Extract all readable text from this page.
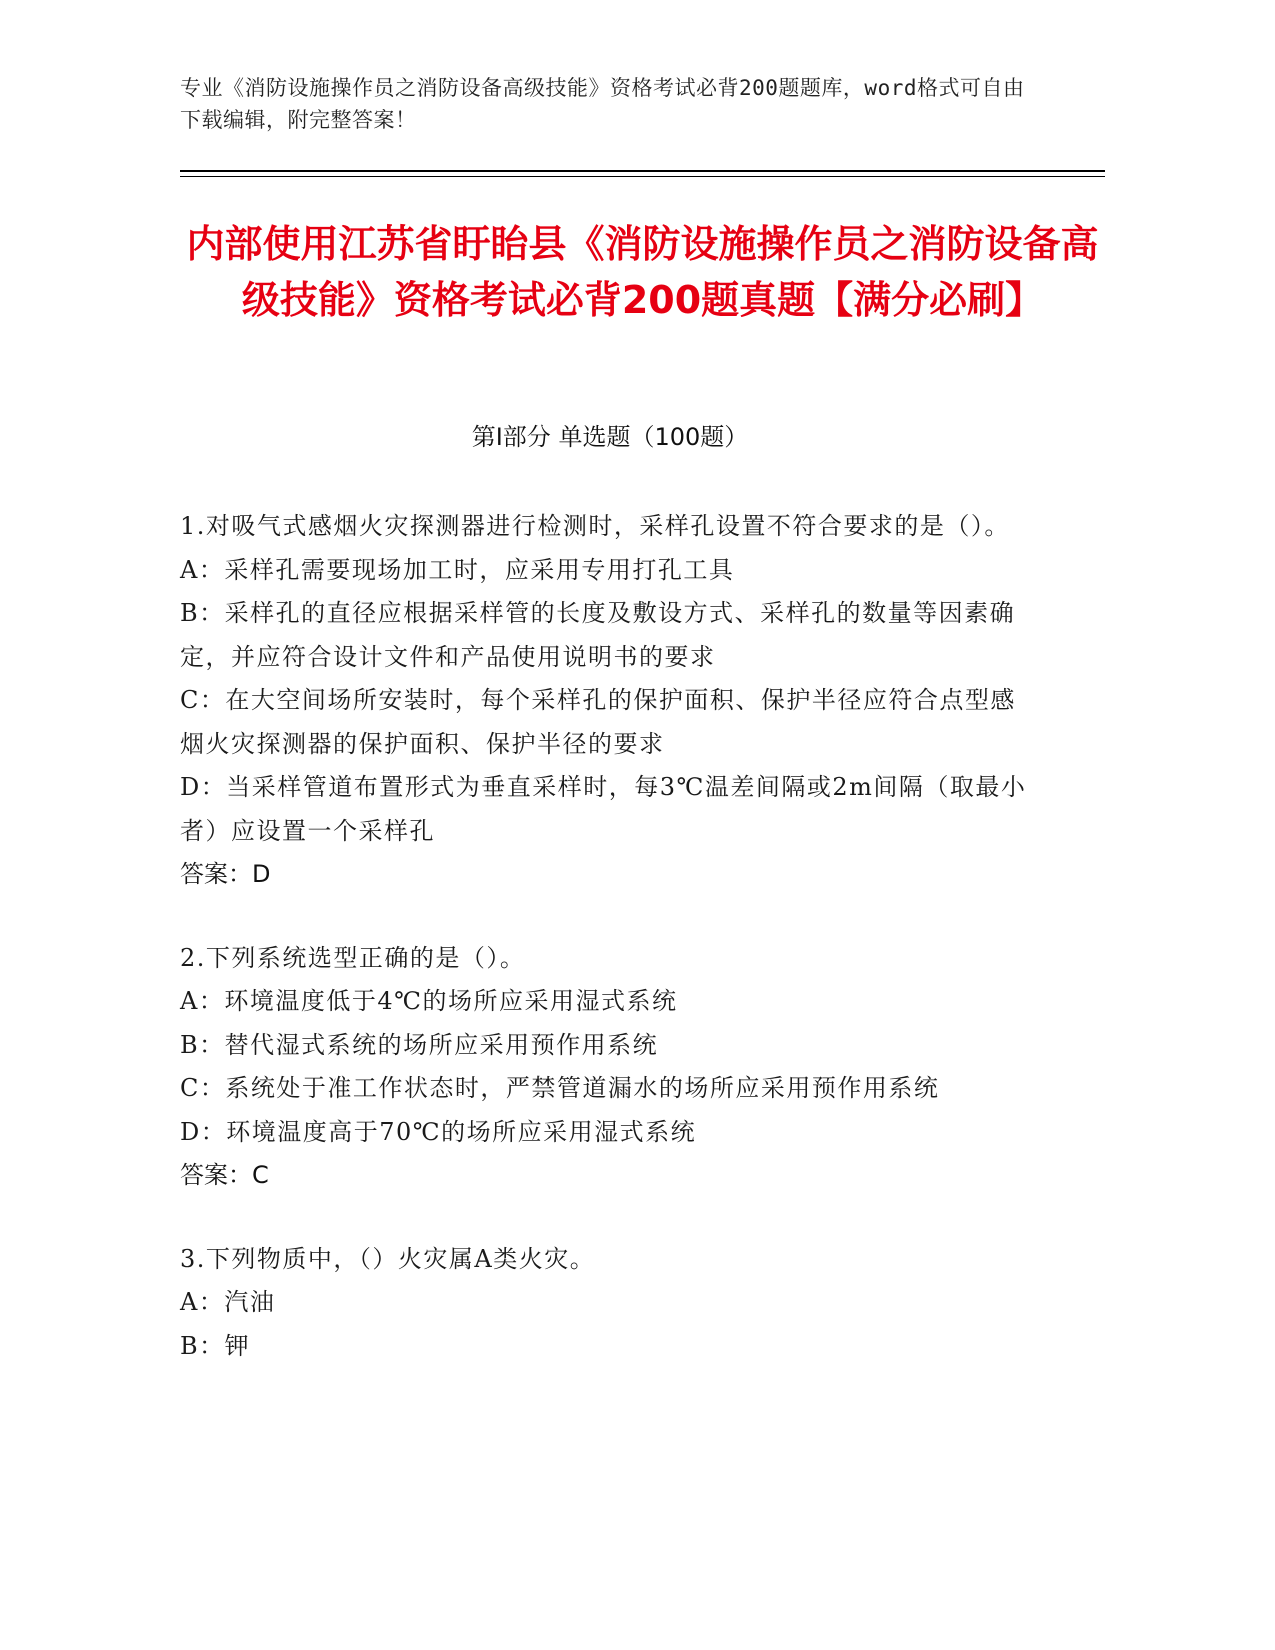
专业《消防设施操作员之消防设备高级技能》资格考试必背200题题库，word格式可自由下载编辑，附完整答案！
内部使用江苏省盱眙县《消防设施操作员之消防设备高级技能》资格考试必背200题真题【满分必刷】
第I部分 单选题（100题）
1.对吸气式感烟火灾探测器进行检测时，采样孔设置不符合要求的是（）。
A：采样孔需要现场加工时，应采用专用打孔工具
B：采样孔的直径应根据采样管的长度及敷设方式、采样孔的数量等因素确定，并应符合设计文件和产品使用说明书的要求
C：在大空间场所安装时，每个采样孔的保护面积、保护半径应符合点型感烟火灾探测器的保护面积、保护半径的要求
D：当采样管道布置形式为垂直采样时，每3℃温差间隔或2m间隔（取最小者）应设置一个采样孔
答案：D
2.下列系统选型正确的是（）。
A：环境温度低于4℃的场所应采用湿式系统
B：替代湿式系统的场所应采用预作用系统
C：系统处于准工作状态时，严禁管道漏水的场所应采用预作用系统
D：环境温度高于70℃的场所应采用湿式系统
答案：C
3.下列物质中，（）火灾属A类火灾。
A：汽油
B：钾
